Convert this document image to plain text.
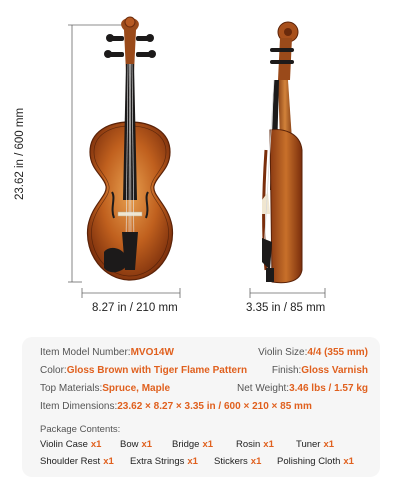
23.62 in / 600 mm
8.27 in / 210 mm	3.35 in / 85 mm
Item Model Number:MVO14W	Violin Size:4/4 (355 mm)
Color:Gloss Brown with Tiger Flame Pattern Finish:Gloss Varnish
Top Materials:Spruce, Maple	Net Weight:3.46 lbs / 1.57 kg
Item Dimensions:23.62 × 8.27 × 3.35 in / 600 × 210 × 85 mm
Package Contents:
Violin Case x1 Bow x1 Bridge x1 Rosin x1 Tuner x1
Shoulder Rest x1 Extra Strings x1 Stickers x1 Polishing Cloth x1
